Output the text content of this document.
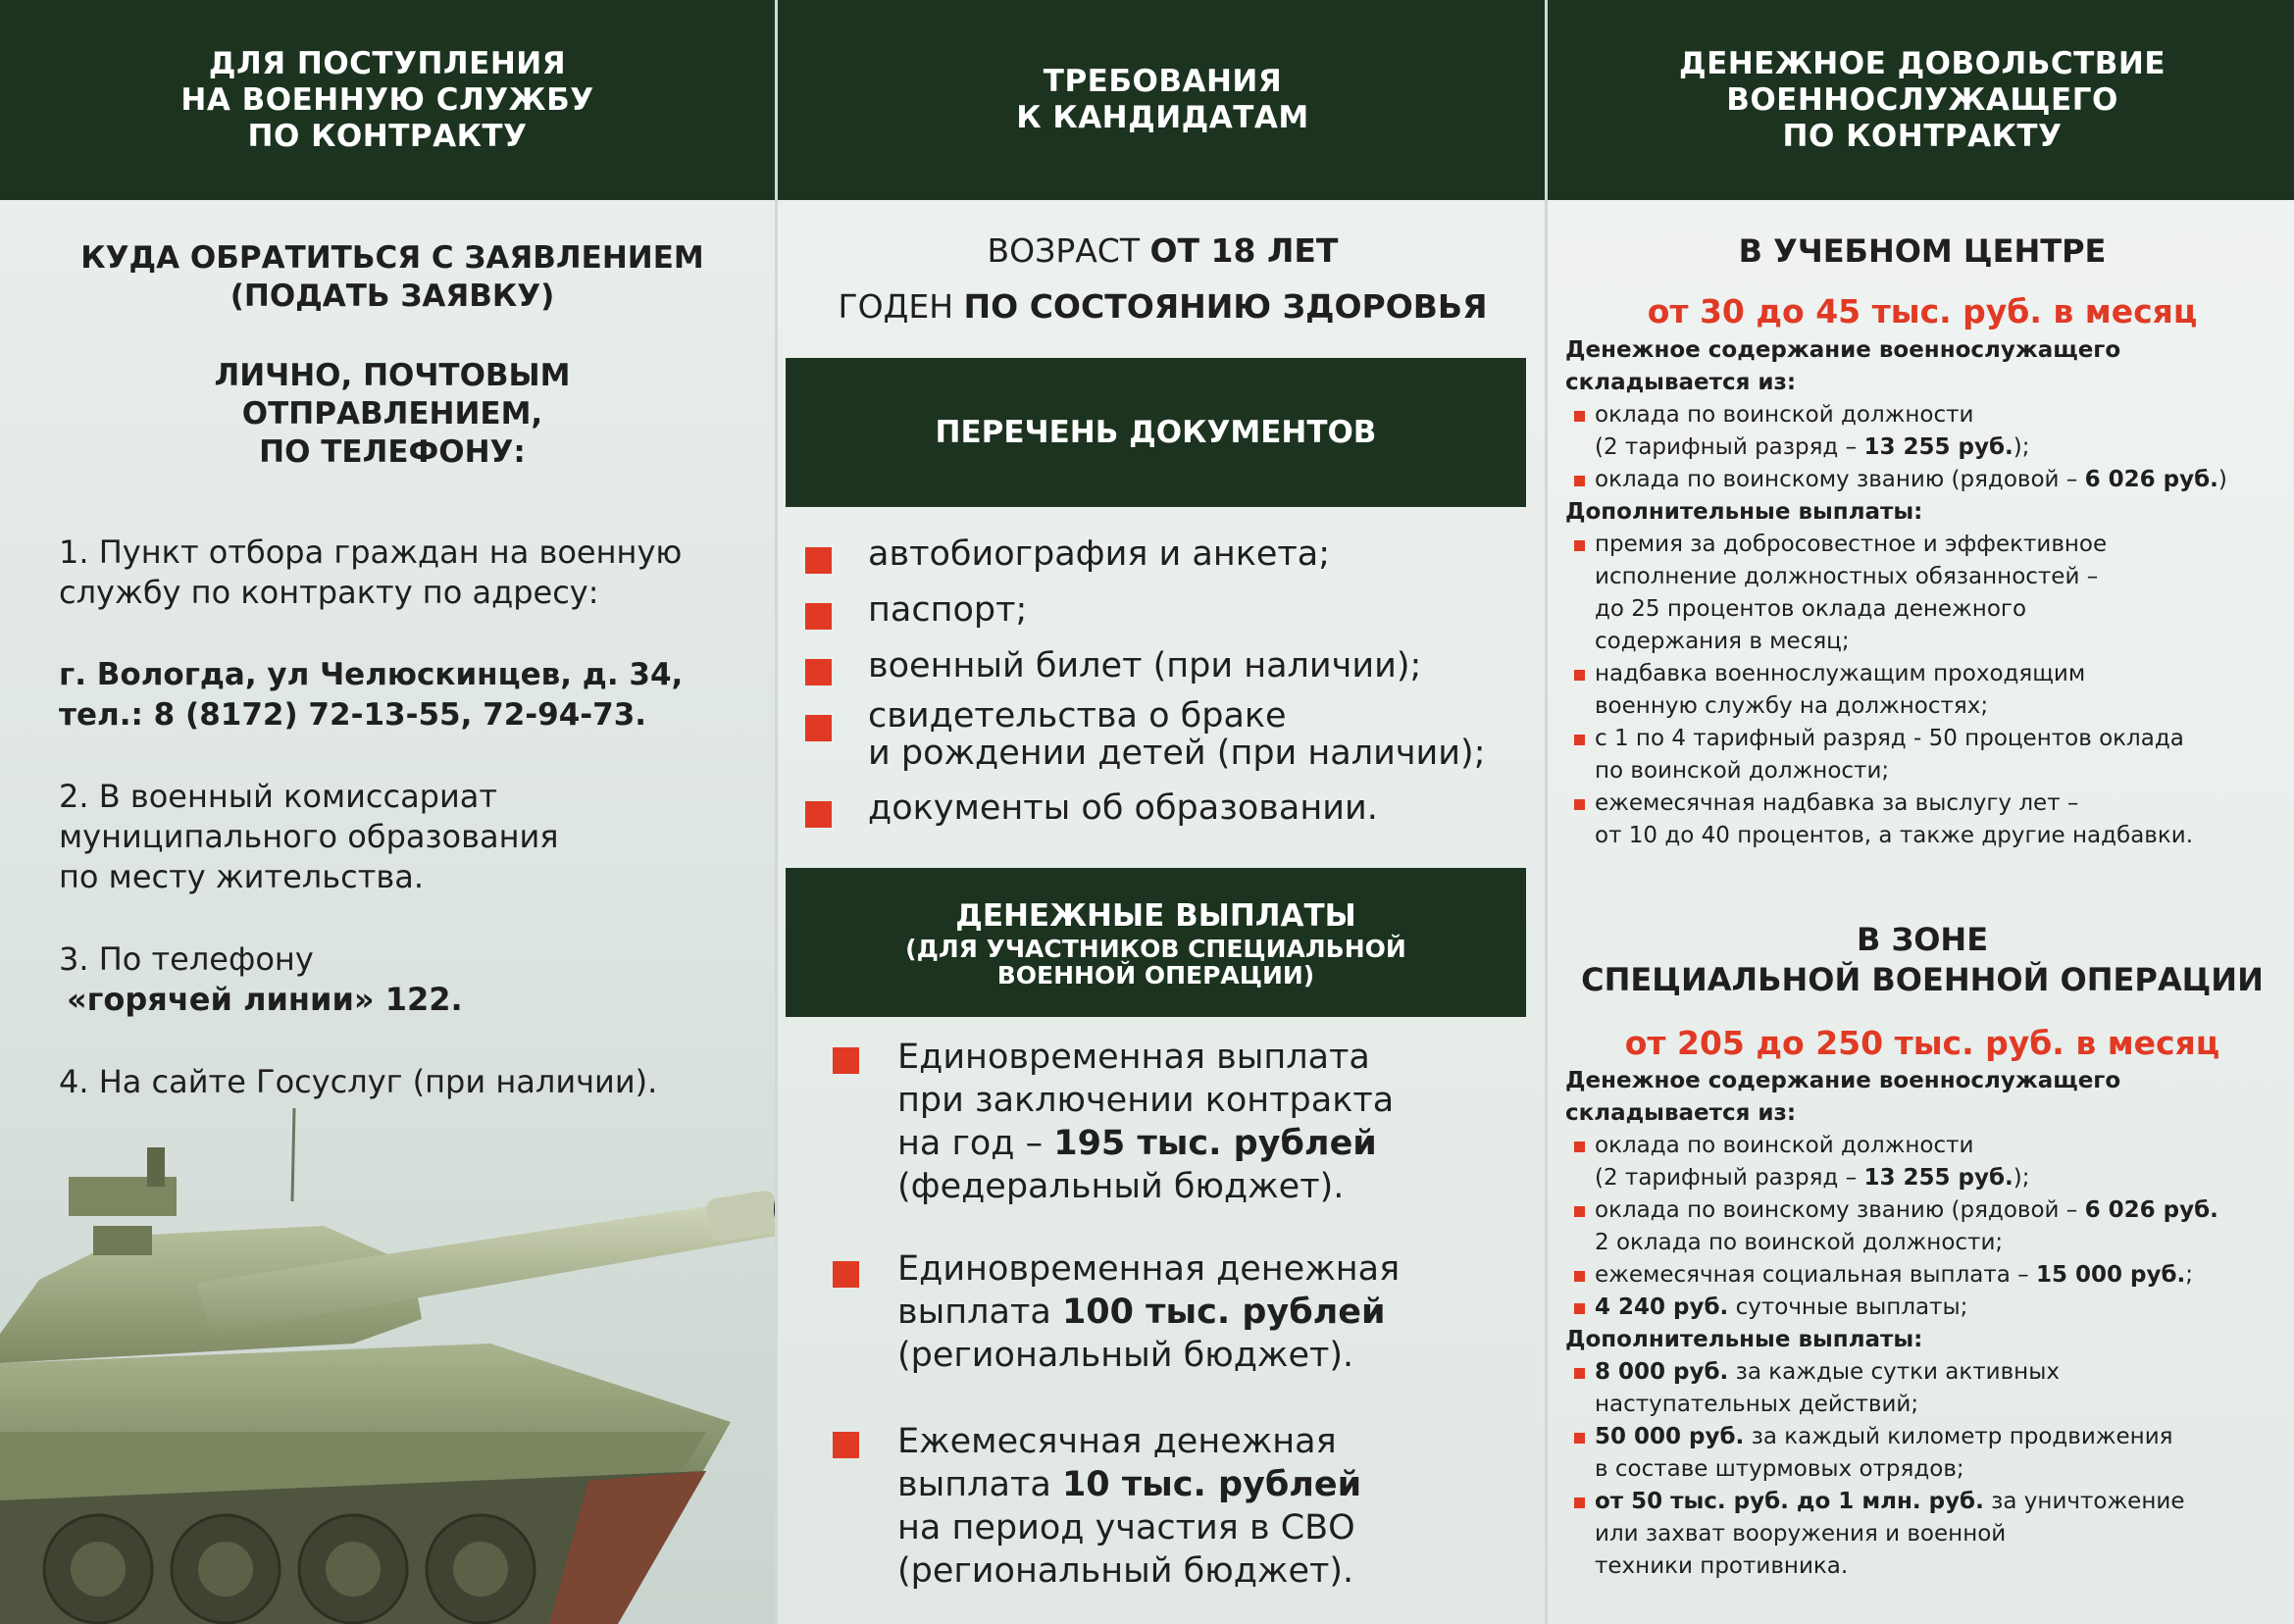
ДЛЯ ПОСТУПЛЕНИЯ
НА ВОЕННУЮ СЛУЖБУ
ПО КОНТРАКТУ
КУДА ОБРАТИТЬСЯ С ЗАЯВЛЕНИЕМ
(ПОДАТЬ ЗАЯВКУ)
ЛИЧНО, ПОЧТОВЫМ
ОТПРАВЛЕНИЕМ,
ПО ТЕЛЕФОНУ:
1. Пункт отбора граждан на военную
службу по контракту по адресу:
г. Вологда, ул Челюскинцев, д. 34,
тел.: 8 (8172) 72-13-55, 72-94-73.
2. В военный комиссариат
муниципального образования
по месту жительства.
3. По телефону
«горячей линии» 122.
4. На сайте Госуслуг (при наличии).
ТРЕБОВАНИЯ
К КАНДИДАТАМ
ВОЗРАСТ ОТ 18 ЛЕТ
ГОДЕН ПО СОСТОЯНИЮ ЗДОРОВЬЯ
ПЕРЕЧЕНЬ ДОКУМЕНТОВ
автобиография и анкета;
паспорт;
военный билет (при наличии);
свидетельства о браке
и рождении детей (при наличии);
документы об образовании.
ДЕНЕЖНЫЕ ВЫПЛАТЫ
(ДЛЯ УЧАСТНИКОВ СПЕЦИАЛЬНОЙ
ВОЕННОЙ ОПЕРАЦИИ)
Единовременная выплата
при заключении контракта
на год – 195 тыс. рублей
(федеральный бюджет).
Единовременная денежная
выплата 100 тыс. рублей
(региональный бюджет).
Ежемесячная денежная
выплата 10 тыс. рублей
на период участия в СВО
(региональный бюджет).
ДЕНЕЖНОЕ ДОВОЛЬСТВИЕ
ВОЕННОСЛУЖАЩЕГО
ПО КОНТРАКТУ
В УЧЕБНОМ ЦЕНТРЕ
от 30 до 45 тыс. руб. в месяц
Денежное содержание военнослужащего
складывается из:
оклада по воинской должности
(2 тарифный разряд – 13 255 руб.);
оклада по воинскому званию (рядовой – 6 026 руб.)
Дополнительные выплаты:
премия за добросовестное и эффективное
исполнение должностных обязанностей –
до 25 процентов оклада денежного
содержания в месяц;
надбавка военнослужащим проходящим
военную службу на должностях;
с 1 по 4 тарифный разряд - 50 процентов оклада
по воинской должности;
ежемесячная надбавка за выслугу лет –
от 10 до 40 процентов, а также другие надбавки.
В ЗОНЕ
СПЕЦИАЛЬНОЙ ВОЕННОЙ ОПЕРАЦИИ
от 205 до 250 тыс. руб. в месяц
Денежное содержание военнослужащего
складывается из:
оклада по воинской должности
(2 тарифный разряд – 13 255 руб.);
оклада по воинскому званию (рядовой – 6 026 руб.
2 оклада по воинской должности;
ежемесячная социальная выплата – 15 000 руб.;
4 240 руб. суточные выплаты;
Дополнительные выплаты:
8 000 руб. за каждые сутки активных
наступательных действий;
50 000 руб. за каждый километр продвижения
в составе штурмовых отрядов;
от 50 тыс. руб. до 1 млн. руб. за уничтожение
или захват вооружения и военной
техники противника.
